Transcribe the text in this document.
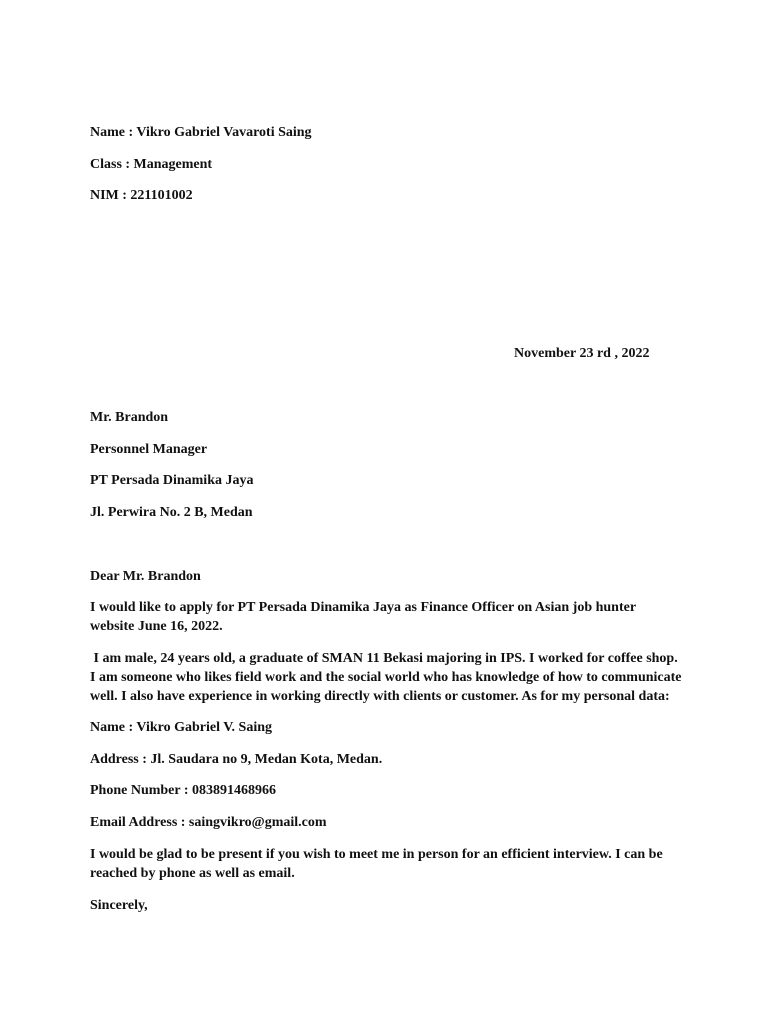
Name : Vikro Gabriel Vavaroti Saing
Class : Management
NIM : 221101002
November 23 rd , 2022
Mr. Brandon
Personnel Manager
PT Persada Dinamika Jaya
Jl. Perwira No. 2 B, Medan
Dear Mr. Brandon
I would like to apply for PT Persada Dinamika Jaya as Finance Officer on Asian job hunter website June 16, 2022.
I am male, 24 years old, a graduate of SMAN 11 Bekasi majoring in IPS. I worked for coffee shop. I am someone who likes field work and the social world who has knowledge of how to communicate well. I also have experience in working directly with clients or customer. As for my personal data:
Name : Vikro Gabriel V. Saing
Address : Jl. Saudara no 9, Medan Kota, Medan.
Phone Number : 083891468966
Email Address : saingvikro@gmail.com
I would be glad to be present if you wish to meet me in person for an efficient interview. I can be reached by phone as well as email.
Sincerely,
